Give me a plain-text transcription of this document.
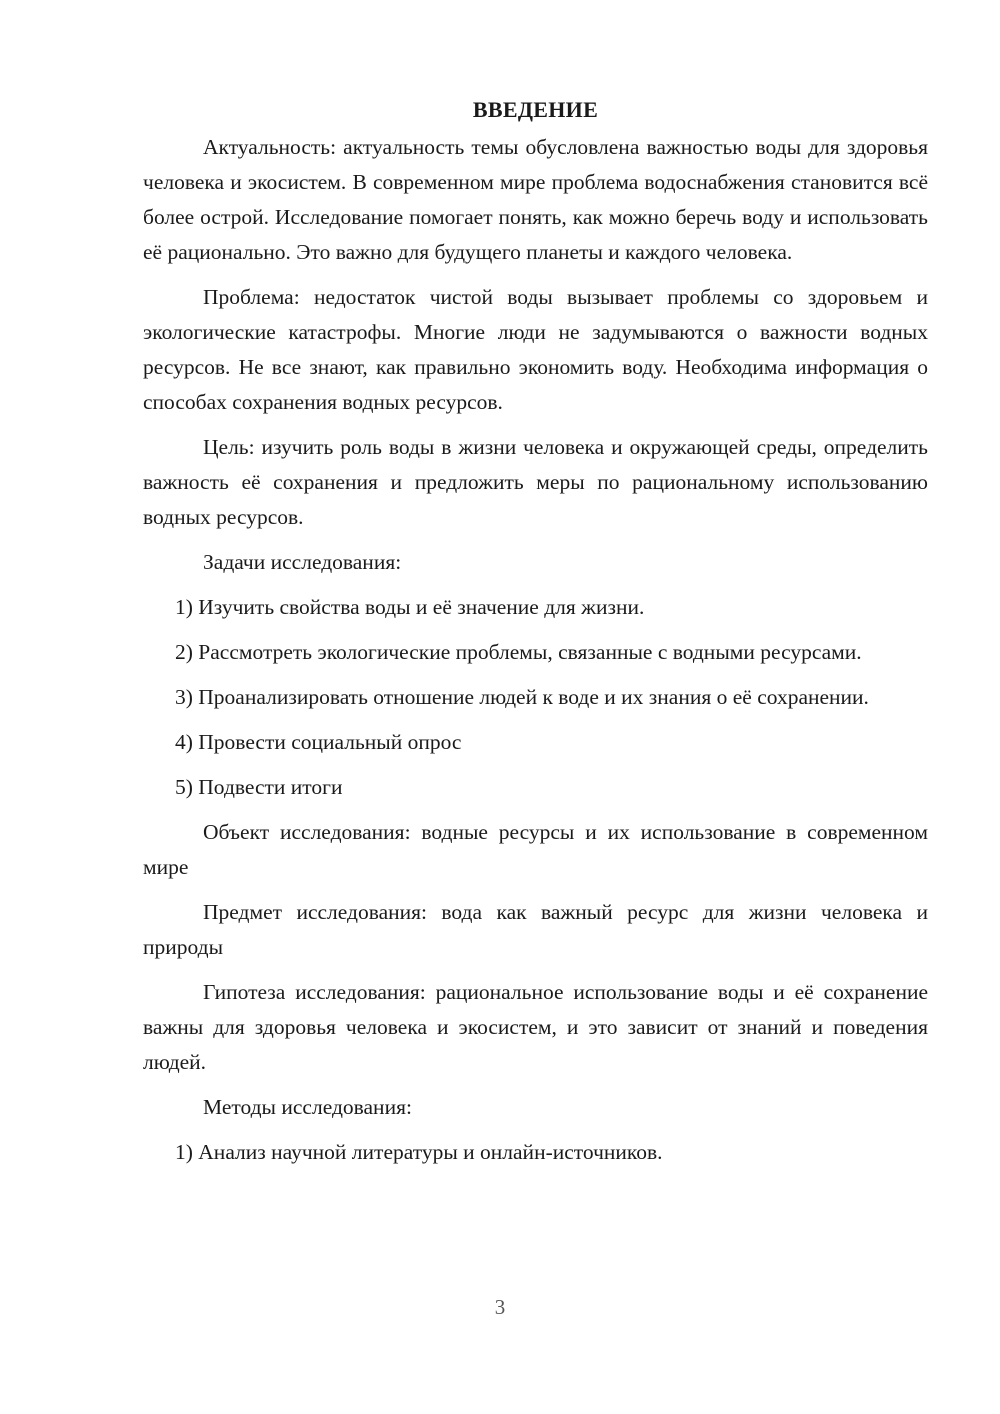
ВВЕДЕНИЕ

Актуальность: актуальность темы обусловлена важностью воды для здоровья человека и экосистем. В современном мире проблема водоснабжения становится всё более острой. Исследование помогает понять, как можно беречь воду и использовать её рационально. Это важно для будущего планеты и каждого человека.

Проблема: недостаток чистой воды вызывает проблемы со здоровьем и экологические катастрофы. Многие люди не задумываются о важности водных ресурсов. Не все знают, как правильно экономить воду. Необходима информация о способах сохранения водных ресурсов.

Цель: изучить роль воды в жизни человека и окружающей среды, определить важность её сохранения и предложить меры по рациональному использованию водных ресурсов.

Задачи исследования:

1) Изучить свойства воды и её значение для жизни.

2) Рассмотреть экологические проблемы, связанные с водными ресурсами.

3) Проанализировать отношение людей к воде и их знания о её сохранении.

4) Провести социальный опрос

5) Подвести итоги

Объект исследования: водные ресурсы и их использование в современном мире

Предмет исследования: вода как важный ресурс для жизни человека и природы

Гипотеза исследования: рациональное использование воды и её сохранение важны для здоровья человека и экосистем, и это зависит от знаний и поведения людей.

Методы исследования:

1) Анализ научной литературы и онлайн-источников.

3
